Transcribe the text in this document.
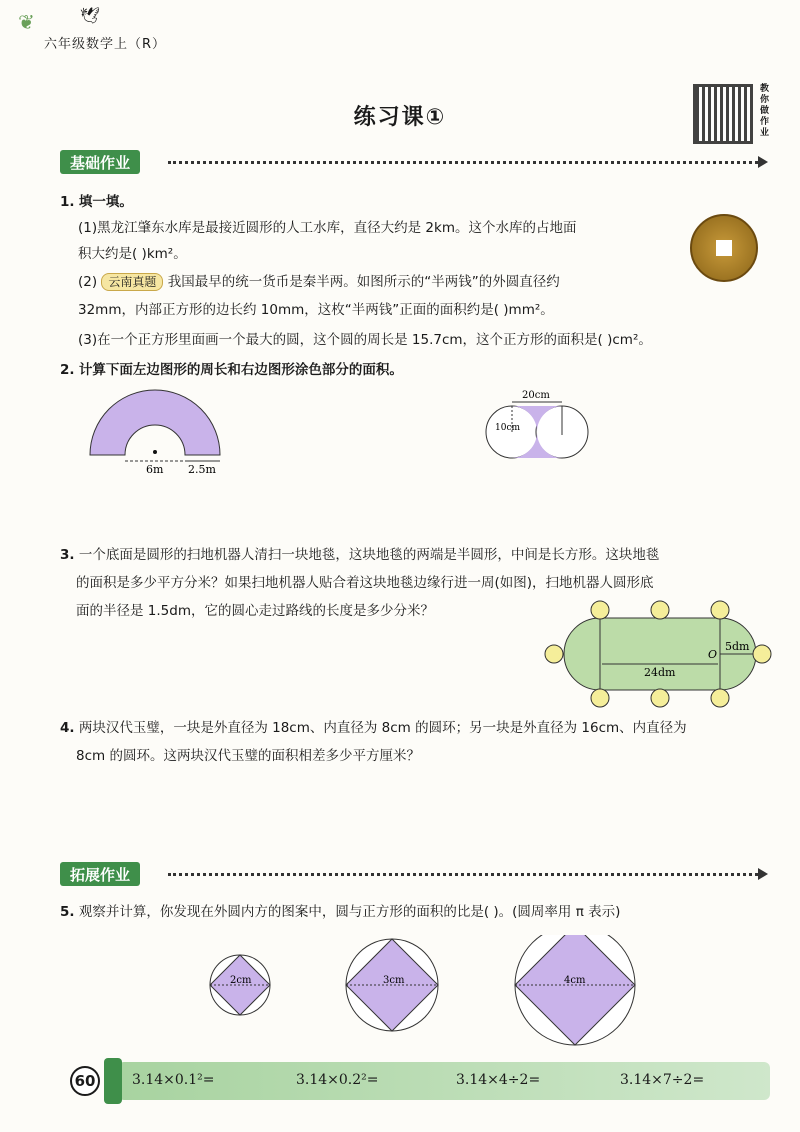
❦	🕊
六年级数学上（R）
练习课①
教你做作业
基础作业
1. 填一填。
(1)黑龙江肇东水库是最接近圆形的人工水库，直径大约是 2km。这个水库的占地面
积大约是( )km²。
(2) 云南真题 我国最早的统一货币是秦半两。如图所示的“半两钱”的外圆直径约
32mm，内部正方形的边长约 10mm，这枚“半两钱”正面的面积约是( )mm²。
(3)在一个正方形里面画一个最大的圆，这个圆的周长是 15.7cm，这个正方形的面积是( )cm²。
2. 计算下面左边图形的周长和右边图形涂色部分的面积。
6m 2.5m
20cm
10cm
3. 一个底面是圆形的扫地机器人清扫一块地毯，这块地毯的两端是半圆形，中间是长方形。这块地毯
的面积是多少平方分米？如果扫地机器人贴合着这块地毯边缘行进一周(如图)，扫地机器人圆形底
面的半径是 1.5dm，它的圆心走过路线的长度是多少分米？
24dm
5dm
O
4. 两块汉代玉璧，一块是外直径为 18cm、内直径为 8cm 的圆环；另一块是外直径为 16cm、内直径为
8cm 的圆环。这两块汉代玉璧的面积相差多少平方厘米？
拓展作业
5. 观察并计算，你发现在外圆内方的图案中，圆与正方形的面积的比是( )。(圆周率用 π 表示)
2cm	3cm	4cm
60	3.14×0.1²=	3.14×0.2²=	3.14×4÷2=	3.14×7÷2=
